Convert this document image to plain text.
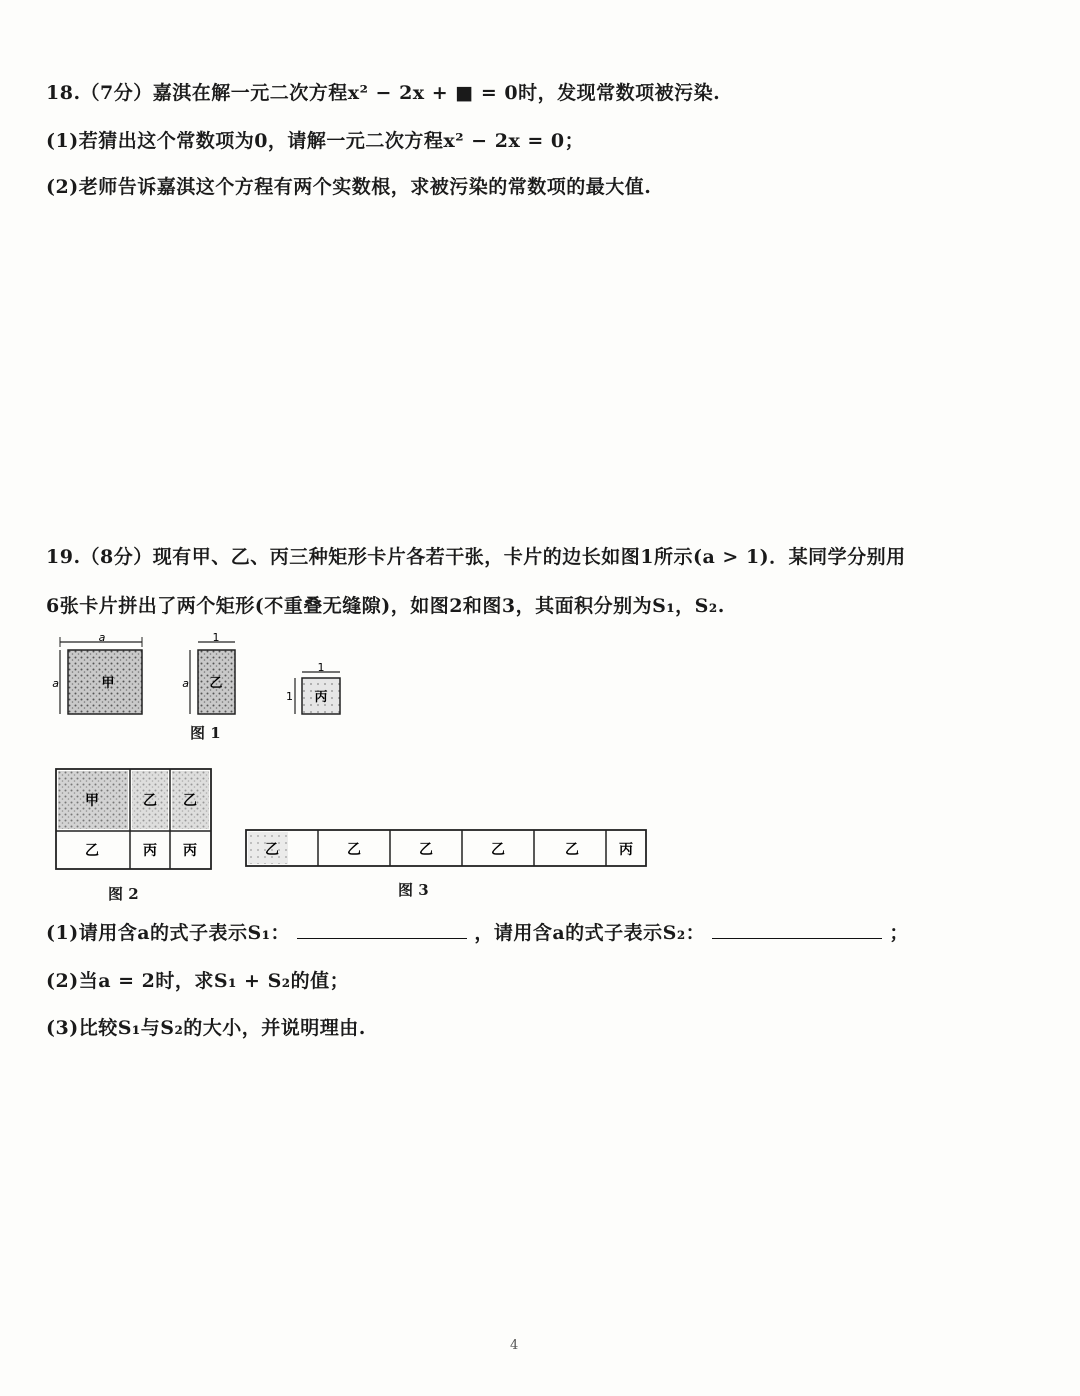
18.（7分）嘉淇在解一元二次方程x² − 2x + ■ = 0时，发现常数项被污染.
(1)若猜出这个常数项为0，请解一元二次方程x² − 2x = 0；
(2)老师告诉嘉淇这个方程有两个实数根，求被污染的常数项的最大值.
19.（8分）现有甲、乙、丙三种矩形卡片各若干张，卡片的边长如图1所示(a > 1)．某同学分别用
6张卡片拼出了两个矩形(不重叠无缝隙)，如图2和图3，其面积分别为S₁，S₂.
a
a	甲
1
a 乙
1
1 丙
图 1
甲	乙 乙
乙	丙 丙
图 2
乙	乙	乙	乙	乙	丙
图 3
(1)请用含a的式子表示S₁：	，请用含a的式子表示S₂：	；
(2)当a = 2时，求S₁ + S₂的值；
(3)比较S₁与S₂的大小，并说明理由.
4
